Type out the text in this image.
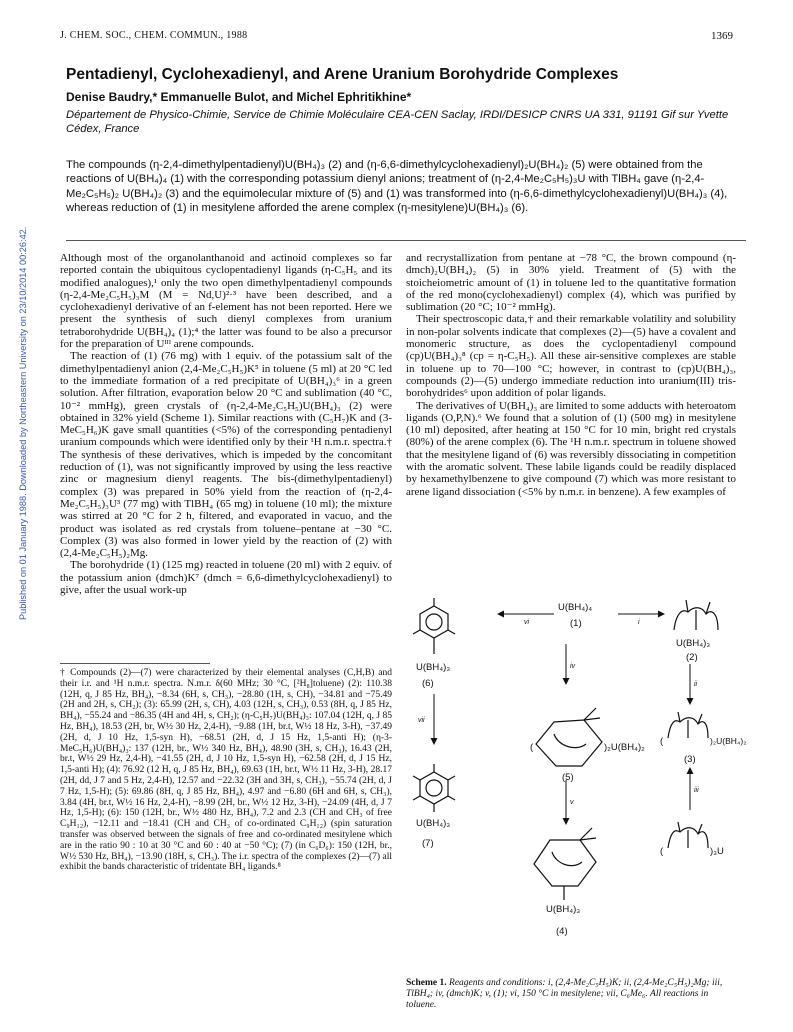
J. CHEM. SOC., CHEM. COMMUN., 1988	1369
Published on 01 January 1988. Downloaded by Northeastern University on 23/10/2014 00:26:42.
Pentadienyl, Cyclohexadienyl, and Arene Uranium Borohydride Complexes
Denise Baudry,* Emmanuelle Bulot, and Michel Ephritikhine*
Département de Physico-Chimie, Service de Chimie Moléculaire CEA-CEN Saclay, IRDI/DESICP CNRS UA 331, 91191 Gif sur Yvette Cédex, France
The compounds (η-2,4-dimethylpentadienyl)U(BH₄)₃ (2) and (η-6,6-dimethylcyclohexadienyl)₂U(BH₄)₂ (5) were obtained from the reactions of U(BH₄)₄ (1) with the corresponding potassium dienyl anions; treatment of (η-2,4-Me₂C₅H₅)₃U with TlBH₄ gave (η-2,4-Me₂C₅H₅)₂ U(BH₄)₂ (3) and the equimolecular mixture of (5) and (1) was transformed into (η-6,6-dimethylcyclohexadienyl)U(BH₄)₃ (4), whereas reduction of (1) in mesitylene afforded the arene complex (η-mesitylene)U(BH₄)₃ (6).

Although most of the organolanthanoid and actinoid complexes so far reported contain the ubiquitous cyclopentadienyl ligands (η-C₅H₅ and its modified analogues),¹ only the two open dimethylpentadienyl compounds (η-2,4-Me₂C₅H₅)₃M (M = Nd,U)²·³ have been described, and a cyclohexadienyl derivative of an f-element has not been reported. Here we present the synthesis of such dienyl complexes from uranium tetraborohydride U(BH₄)₄ (1);⁴ the latter was found to be also a precursor for the preparation of Uᴵᴵᴵ arene compounds.

The reaction of (1) (76 mg) with 1 equiv. of the potassium salt of the dimethylpentadienyl anion (2,4-Me₂C₅H₅)K⁵ in toluene (5 ml) at 20 °C led to the immediate formation of a red precipitate of U(BH₄)₃⁶ in a green solution. After filtration, evaporation below 20 °C and sublimation (40 °C, 10⁻² mmHg), green crystals of (η-2,4-Me₂C₅H₅)U(BH₄)₃ (2) were obtained in 32% yield (Scheme 1). Similar reactions with (C₅H₇)K and (3-MeC₅H₆)K gave small quantities (<5%) of the corresponding pentadienyl uranium compounds which were identified only by their ¹H n.m.r. spectra.† The synthesis of these derivatives, which is impeded by the concomitant reduction of (1), was not significantly improved by using the less reactive zinc or magnesium dienyl reagents. The bis-(dimethylpentadienyl) complex (3) was prepared in 50% yield from the reaction of (η-2,4-Me₂C₅H₅)₃U³ (77 mg) with TlBH₄ (65 mg) in toluene (10 ml); the mixture was stirred at 20 °C for 2 h, filtered, and evaporated in vacuo, and the product was isolated as red crystals from toluene–pentane at −30 °C. Complex (3) was also formed in lower yield by the reaction of (2) with (2,4-Me₂C₅H₅)₂Mg.

The borohydride (1) (125 mg) reacted in toluene (20 ml) with 2 equiv. of the potassium anion (dmch)K⁷ (dmch = 6,6-dimethylcyclohexadienyl) to give, after the usual work-up

† Compounds (2)—(7) were characterized by their elemental analyses (C,H,B) and their i.r. and ¹H n.m.r. spectra. N.m.r. δ(60 MHz; 30 °C, [²H₈]toluene) (2): 110.38 (12H, q, J 85 Hz, BH₄), −8.34 (6H, s, CH₃), −28.80 (1H, s, CH), −34.81 and −75.49 (2H and 2H, s, CH₂); (3): 65.99 (2H, s, CH), 4.03 (12H, s, CH₃), 0.53 (8H, q, J 85 Hz, BH₄), −55.24 and −86.35 (4H and 4H, s, CH₂); (η-C₅H₇)U(BH₄)₃: 107.04 (12H, q, J 85 Hz, BH₄), 18.53 (2H, br, W½ 30 Hz, 2,4-H), −9.88 (1H, br.t, W½ 18 Hz, 3-H), −37.49 (2H, d, J 10 Hz, 1,5-syn H), −68.51 (2H, d, J 15 Hz, 1,5-anti H); (η-3-MeC₅H₆)U(BH₄)₃: 137 (12H, br., W½ 340 Hz, BH₄), 48.90 (3H, s, CH₃), 16.43 (2H, br.t, W½ 29 Hz, 2,4-H), −41.55 (2H, d, J 10 Hz, 1,5-syn H), −62.58 (2H, d, J 15 Hz, 1,5-anti H); (4): 76.92 (12 H, q, J 85 Hz, BH₄), 69.63 (1H, br.t, W½ 11 Hz, 3-H), 28.17 (2H, dd, J 7 and 5 Hz, 2,4-H), 12.57 and −22.32 (3H and 3H, s, CH₃), −55.74 (2H, d, J 7 Hz, 1,5-H); (5): 69.86 (8H, q, J 85 Hz, BH₄), 4.97 and −6.80 (6H and 6H, s, CH₃), 3.84 (4H, br.t, W½ 16 Hz, 2,4-H), −8.99 (2H, br., W½ 12 Hz, 3-H), −24.09 (4H, d, J 7 Hz, 1,5-H); (6): 150 (12H, br., W½ 480 Hz, BH₄), 7.2 and 2.3 (CH and CH₃ of free C₉H₁₂), −12.11 and −18.41 (CH and CH₃ of co-ordinated C₉H₁₂) (spin saturation transfer was observed between the signals of free and co-ordinated mesitylene which are in the ratio 90 : 10 at 30 °C and 60 : 40 at −50 °C); (7) (in C₆D₆): 150 (12H, br., W½ 530 Hz, BH₄), −13.90 (18H, s, CH₃). The i.r. spectra of the complexes (2)—(7) all exhibit the bands characteristic of tridentate BH₄ ligands.⁸

and recrystallization from pentane at −78 °C, the brown compound (η-dmch)₂U(BH₄)₂ (5) in 30% yield. Treatment of (5) with the stoicheiometric amount of (1) in toluene led to the quantitative formation of the red mono(cyclohexadienyl) complex (4), which was purified by sublimation (20 °C; 10⁻² mmHg).

Their spectroscopic data,† and their remarkable volatility and solubility in non-polar solvents indicate that complexes (2)—(5) have a covalent and monomeric structure, as does the cyclopentadienyl compound (cp)U(BH₄)₃⁸ (cp = η-C₅H₅). All these air-sensitive complexes are stable in toluene up to 70—100 °C; however, in contrast to (cp)U(BH₄)₃, compounds (2)—(5) undergo immediate reduction into uranium(III) tris-borohydrides⁶ upon addition of polar ligands.

The derivatives of U(BH₄)₃ are limited to some adducts with heteroatom ligands (O,P,N).⁶ We found that a solution of (1) (500 mg) in mesitylene (10 ml) deposited, after heating at 150 °C for 10 min, bright red crystals (80%) of the arene complex (6). The ¹H n.m.r. spectrum in toluene showed that the mesitylene ligand of (6) was reversibly dissociating in competition with the aromatic solvent. These labile ligands could be readily displaced by hexamethylbenzene to give compound (7) which was more resistant to arene ligand dissociation (<5% by n.m.r. in benzene). A few examples of

U(BH₄)₄
(1)
U(BH₄)₃
(2)
U(BH₄)₃
(6)
(	)₂U(BH₄)₂
(5)
(	)₂U(BH₄)₂
(3)
U(BH₄)₃
(7)
U(BH₄)₃
(4)
(	)₃U
vi	i
iv
ii
vii
v
iii
Scheme 1. Reagents and conditions: i, (2,4-Me₂C₅H₅)K; ii, (2,4-Me₂C₅H₅)₂Mg; iii, TlBH₄; iv, (dmch)K; v, (1); vi, 150 °C in mesitylene; vii, C₆Me₆. All reactions in toluene.
